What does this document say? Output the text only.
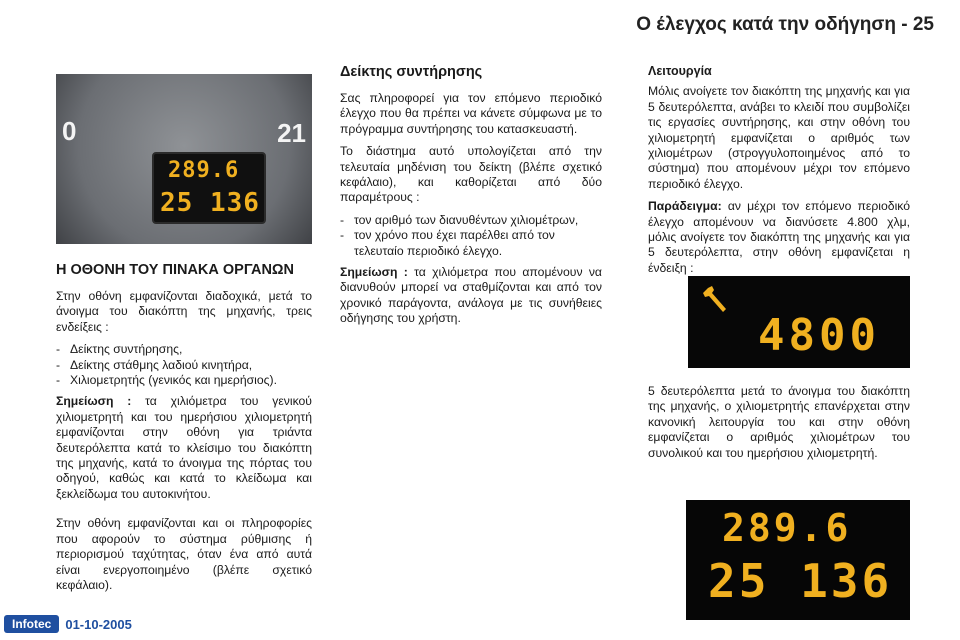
Ο έλεγχος κατά την οδήγηση - 25
0	21
289.6
25 136
Η ΟΘΟΝΗ ΤΟΥ ΠΙΝΑΚΑ ΟΡΓΑΝΩΝ

Στην οθόνη εμφανίζονται διαδοχικά, μετά το άνοιγμα του διακόπτη της μηχανής, τρεις ενδείξεις :

- Δείκτης συντήρησης,
- Δείκτης στάθμης λαδιού κινητήρα,
- Χιλιομετρητής (γενικός και ημερήσιος).

Σημείωση : τα χιλιόμετρα του γενικού χιλιομετρητή και του ημερήσιου χιλιομετρητή εμφανίζονται στην οθόνη για τριάντα δευτερόλεπτα κατά το κλείσιμο του διακόπτη της μηχανής, κατά το άνοιγμα της πόρτας του οδηγού, καθώς και κατά το κλείδωμα και ξεκλείδωμα του αυτοκινήτου.

Στην οθόνη εμφανίζονται και οι πληροφορίες που αφορούν το σύστημα ρύθμισης ή περιορισμού ταχύτητας, όταν ένα από αυτά είναι ενεργοποιημένο (βλέπε σχετικό κεφάλαιο).

Δείκτης συντήρησης

Σας πληροφορεί για τον επόμενο περιοδικό έλεγχο που θα πρέπει να κάνετε σύμφωνα με το πρόγραμμα συντήρησης του κατασκευαστή.

Το διάστημα αυτό υπολογίζεται από την τελευταία μηδένιση του δείκτη (βλέπε σχετικό κεφάλαιο), και καθορίζεται από δύο παραμέτρους :

- τον αριθμό των διανυθέντων χιλιομέτρων,
- τον χρόνο που έχει παρέλθει από τον τελευταίο περιοδικό έλεγχο.

Σημείωση : τα χιλιόμετρα που απομένουν να διανυθούν μπορεί να σταθμίζονται και από τον χρονικό παράγοντα, ανάλογα με τις συνήθειες οδήγησης του χρήστη.

Λειτουργία

Μόλις ανοίγετε τον διακόπτη της μηχανής και για 5 δευτερόλεπτα, ανάβει το κλειδί που συμβολίζει τις εργασίες συντήρησης, και στην οθόνη του χιλιομετρητή εμφανίζεται ο αριθμός των χιλιομέτρων (στρογγυλοποιημένος από το σύστημα) που απομένουν μέχρι τον επόμενο περιοδικό έλεγχο.

Παράδειγμα: αν μέχρι τον επόμενο περιοδικό έλεγχο απομένουν να διανύσετε 4.800 χλμ, μόλις ανοίγετε τον διακόπτη της μηχανής και για 5 δευτερόλεπτα, στην οθόνη εμφανίζεται η ένδειξη :

4800

5 δευτερόλεπτα μετά το άνοιγμα του διακόπτη της μηχανής, ο χιλιομετρητής επανέρχεται στην κανονική λειτουργία του και στην οθόνη εμφανίζεται ο αριθμός χιλιομέτρων του συνολικού και του ημερήσιου χιλιομετρητή.

289.6
25 136
Infotec	01-10-2005
